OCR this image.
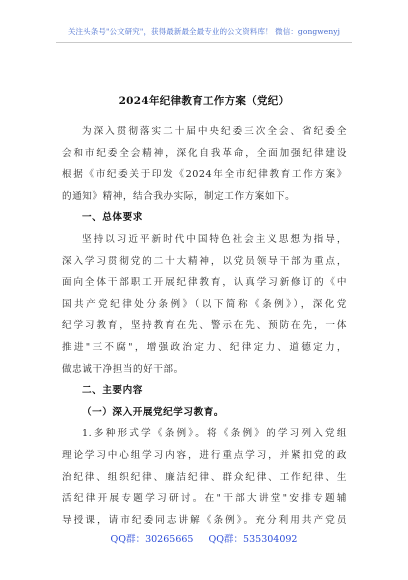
关注头条号"公文研究"，获得最新最全最专业的公文资料库！ 微信：gongwenyj
2024年纪律教育工作方案（党纪）
为深入贯彻落实二十届中央纪委三次全会、省纪委全
会和市纪委全会精神，深化自我革命，全面加强纪律建设
根据《市纪委关于印发《2024年全市纪律教育工作方案》
的通知》精神，结合我办实际，制定工作方案如下。
一、总体要求
坚持以习近平新时代中国特色社会主义思想为指导，
深入学习贯彻党的二十大精神，以党员领导干部为重点，
面向全体干部职工开展纪律教育，认真学习新修订的《中
国共产党纪律处分条例》（以下简称《条例》），深化党
纪学习教育，坚持教育在先、警示在先、预防在先，一体
推进"三不腐"，增强政治定力、纪律定力、道德定力，
做忠诚干净担当的好干部。
二、主要内容
（一）深入开展党纪学习教育。
1.多种形式学《条例》。将《条例》的学习列入党组
理论学习中心组学习内容，进行重点学习，并紧扣党的政
治纪律、组织纪律、廉洁纪律、群众纪律、工作纪律、生
活纪律开展专题学习研讨。在"干部大讲堂"安排专题辅
导授课，请市纪委同志讲解《条例》。充分利用共产党员
QQ群：30265665 QQ群：535304092
